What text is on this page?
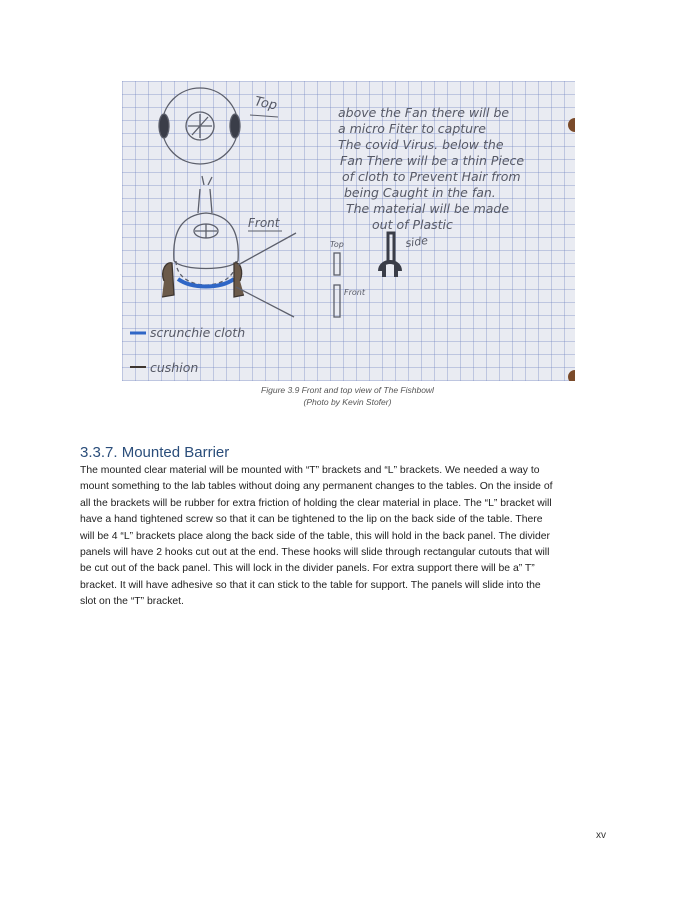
Top
Front
Top
Front
side
above the Fan there will be
a micro Fiter to capture
The covid Virus. below the
Fan There will be a thin Piece
of cloth to Prevent Hair from
being Caught in the fan.
The material will be made
out of Plastic
scrunchie cloth
cushion
Figure 3.9 Front and top view of The Fishbowl
(Photo by Kevin Stofer)
3.3.7. Mounted Barrier
The mounted clear material will be mounted with “T” brackets and “L” brackets. We needed a way to
mount something to the lab tables without doing any permanent changes to the tables. On the inside of
all the brackets will be rubber for extra friction of holding the clear material in place. The “L” bracket will
have a hand tightened screw so that it can be tightened to the lip on the back side of the table. There
will be 4 “L” brackets place along the back side of the table, this will hold in the back panel. The divider
panels will have 2 hooks cut out at the end. These hooks will slide through rectangular cutouts that will
be cut out of the back panel. This will lock in the divider panels. For extra support there will be a” T”
bracket. It will have adhesive so that it can stick to the table for support. The panels will slide into the
slot on the “T” bracket.
xv
